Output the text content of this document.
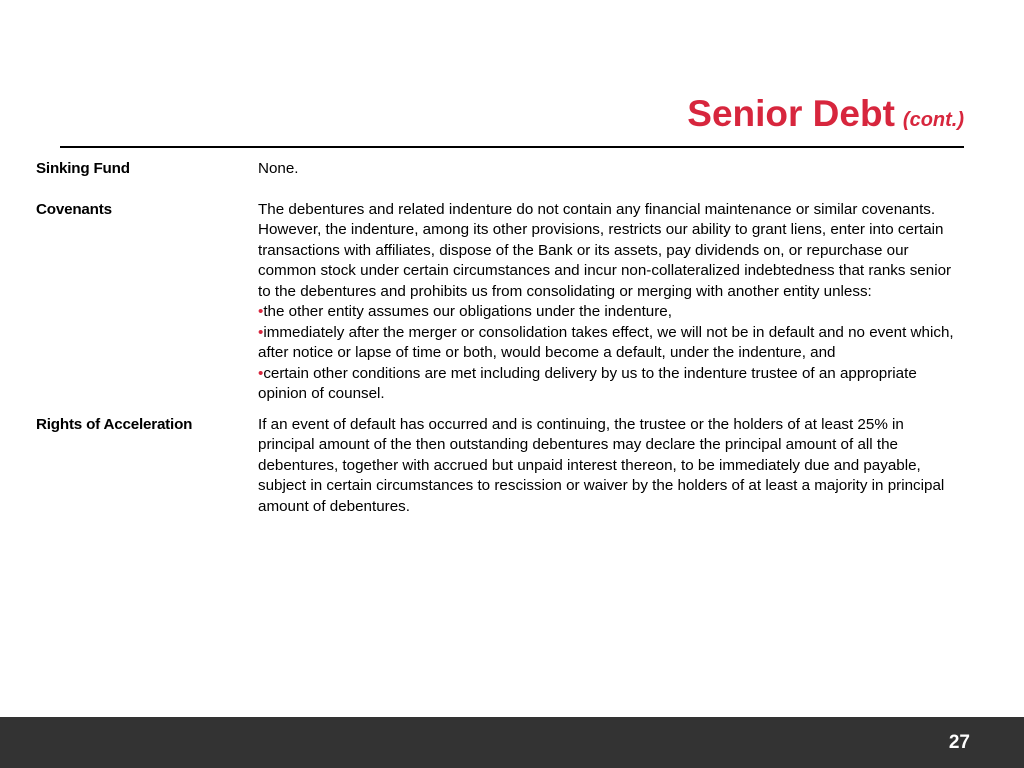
Senior Debt (cont.)
Sinking Fund	None.

Covenants	The debentures and related indenture do not contain any financial maintenance or similar covenants. However, the indenture, among its other provisions, restricts our ability to grant liens, enter into certain transactions with affiliates, dispose of the Bank or its assets, pay dividends on, or repurchase our common stock under certain circumstances and incur non-collateralized indebtedness that ranks senior to the debentures and prohibits us from consolidating or merging with another entity unless:

•the other entity assumes our obligations under the indenture,

•immediately after the merger or consolidation takes effect, we will not be in default and no event which, after notice or lapse of time or both, would become a default, under the indenture, and

•certain other conditions are met including delivery by us to the indenture trustee of an appropriate opinion of counsel.

Rights of Acceleration	If an event of default has occurred and is continuing, the trustee or the holders of at least 25% in principal amount of the then outstanding debentures may declare the principal amount of all the debentures, together with accrued but unpaid interest thereon, to be immediately due and payable, subject in certain circumstances to rescission or waiver by the holders of at least a majority in principal amount of debentures.

27
